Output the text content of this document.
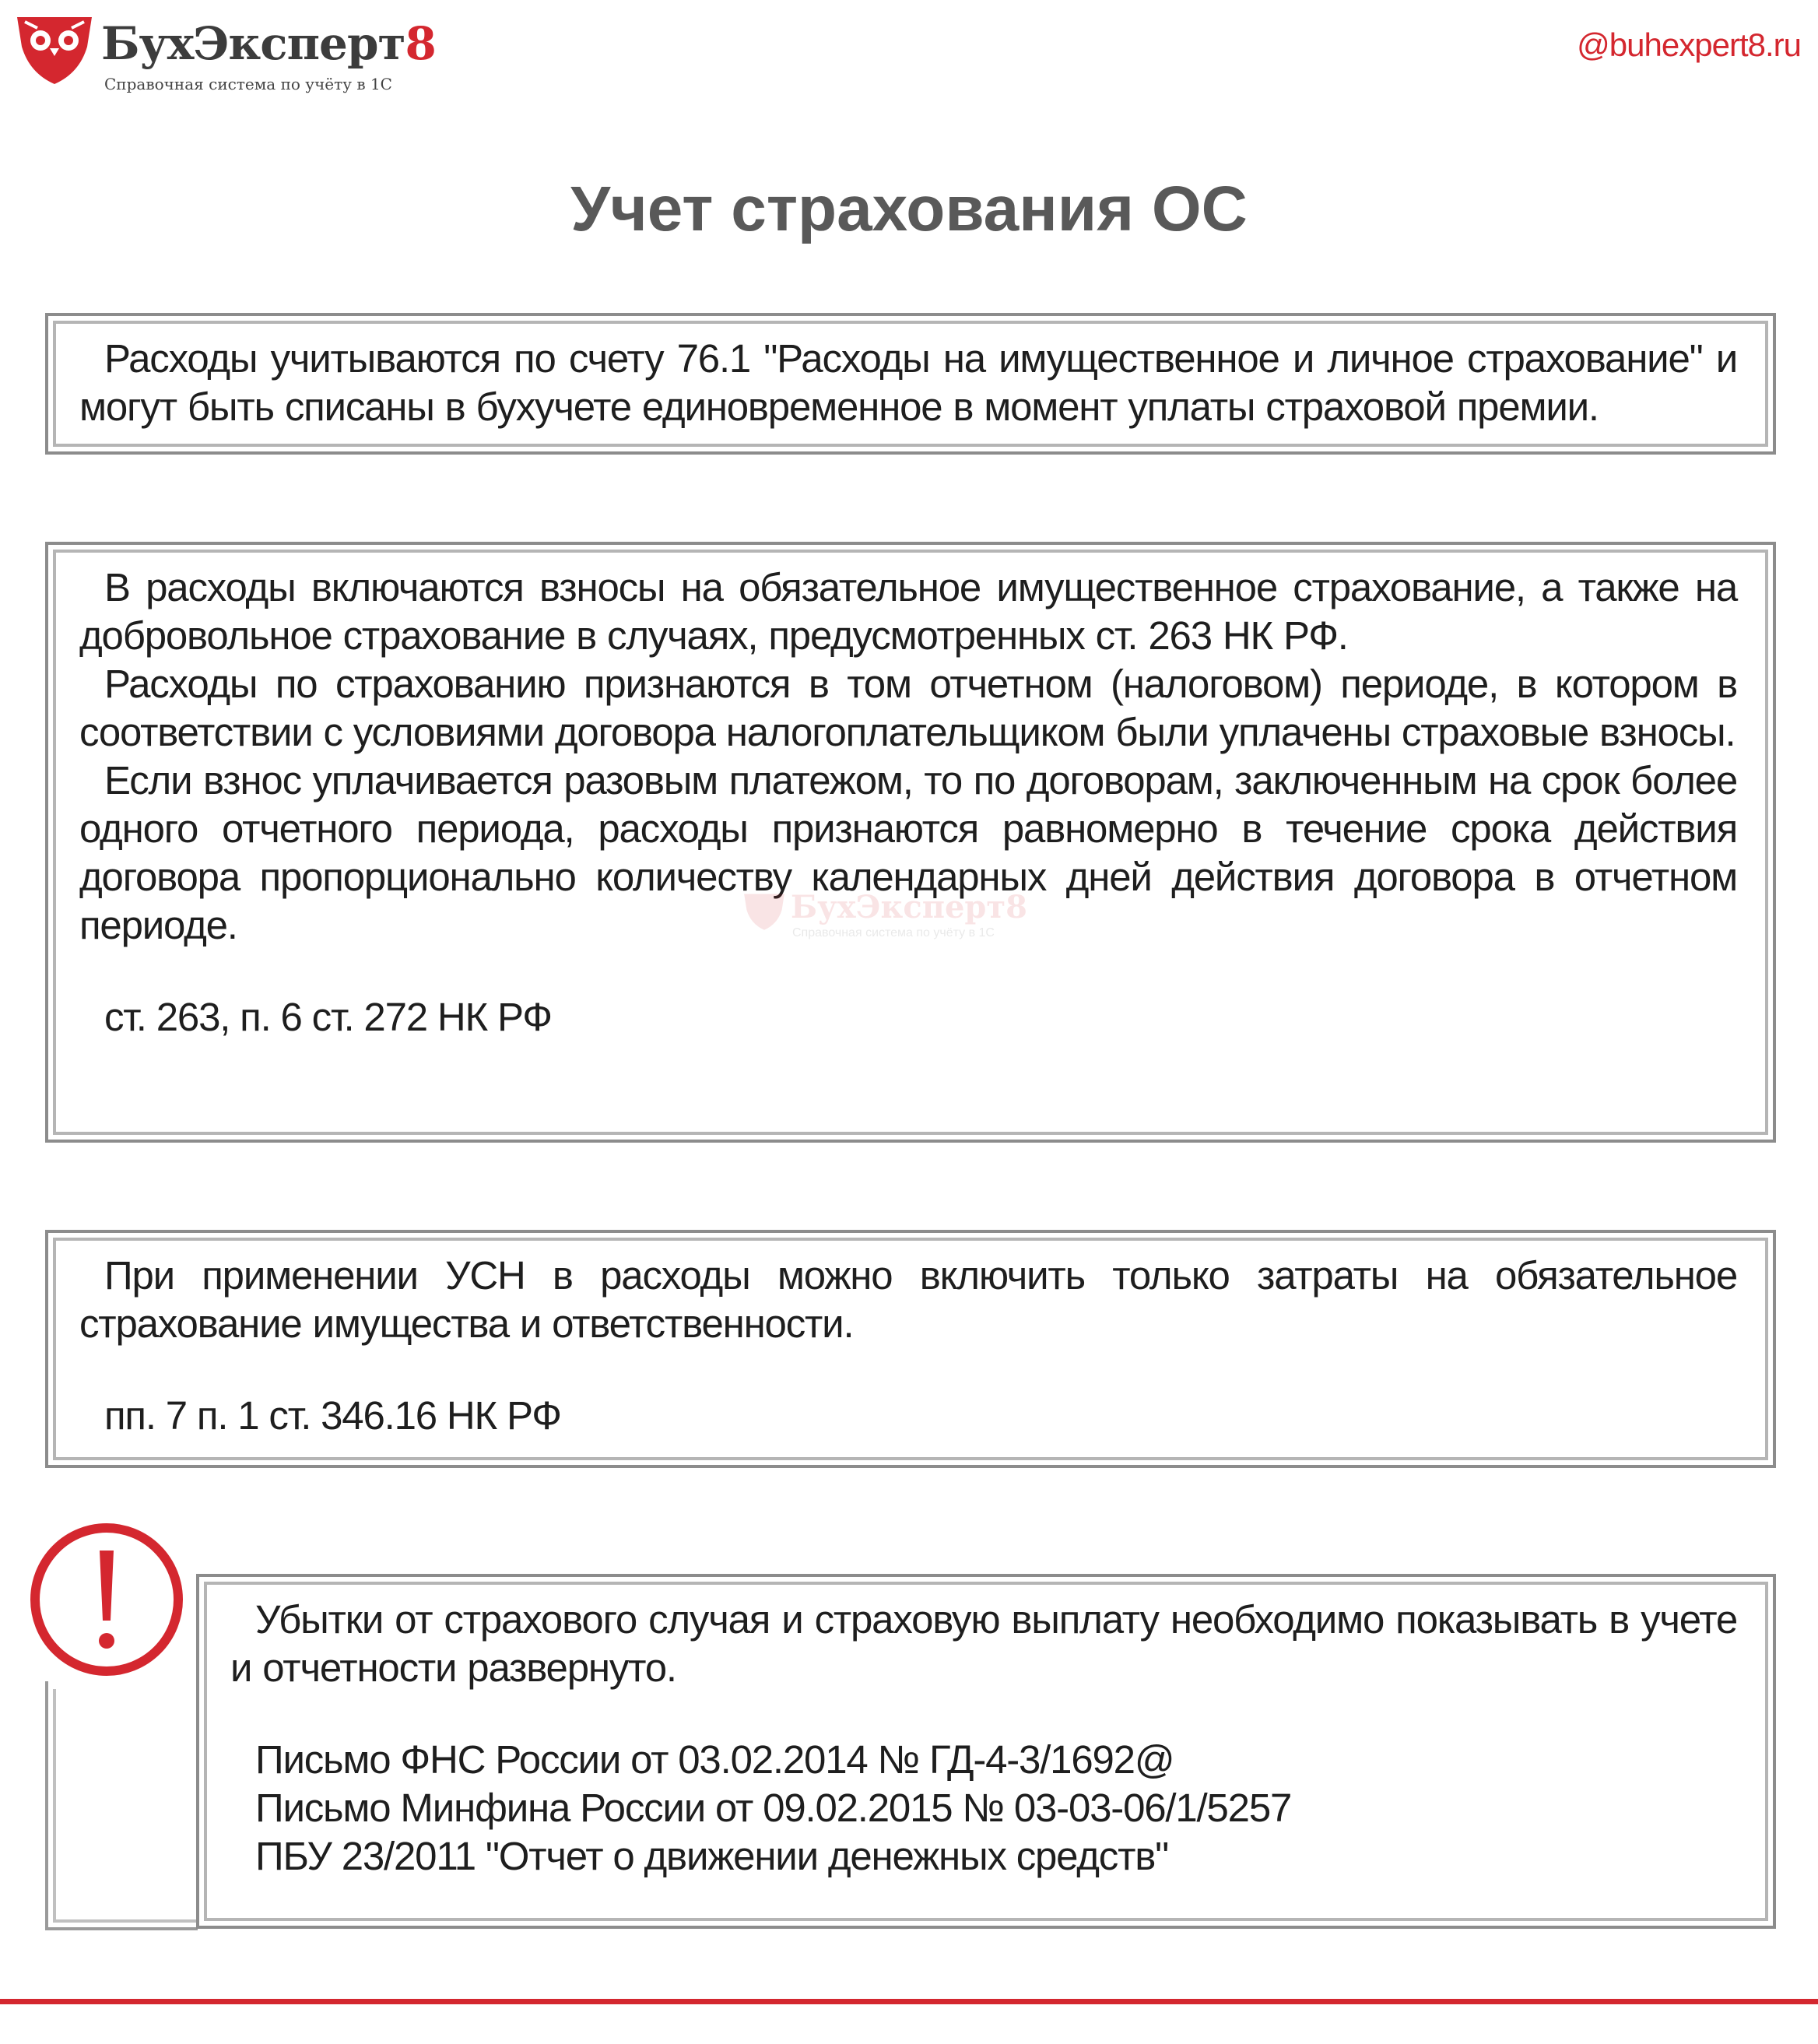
БухЭксперт8
Справочная система по учёту в 1С
@buhexpert8.ru
Учет страхования ОС

Расходы учитываются по счету 76.1 "Расходы на имущественное и личное страхование" и могут быть списаны в бухучете единовременное в момент уплаты страховой премии.

В расходы включаются взносы на обязательное имущественное страхование, а также на добровольное страхование в случаях, предусмотренных ст. 263 НК РФ.

Расходы по страхованию признаются в том отчетном (налоговом) периоде, в котором в соответствии с условиями договора налогоплательщиком были уплачены страховые взносы.

Если взнос уплачивается разовым платежом, то по договорам, заключенным на срок более одного отчетного периода, расходы признаются равномерно в течение срока действия договора пропорционально количеству календарных дней действия договора в отчетном периоде.

ст. 263, п. 6 ст. 272 НК РФ

При применении УСН в расходы можно включить только затраты на обязательное страхование имущества и ответственности.

пп. 7 п. 1 ст. 346.16 НК РФ

Убытки от страхового случая и страховую выплату необходимо показывать в учете и отчетности развернуто.

Письмо ФНС России от 03.02.2014 № ГД-4-3/1692@

Письмо Минфина России от 09.02.2015 № 03-03-06/1/5257

ПБУ 23/2011 "Отчет о движении денежных средств"

БухЭксперт8
Справочная система по учёту в 1С
